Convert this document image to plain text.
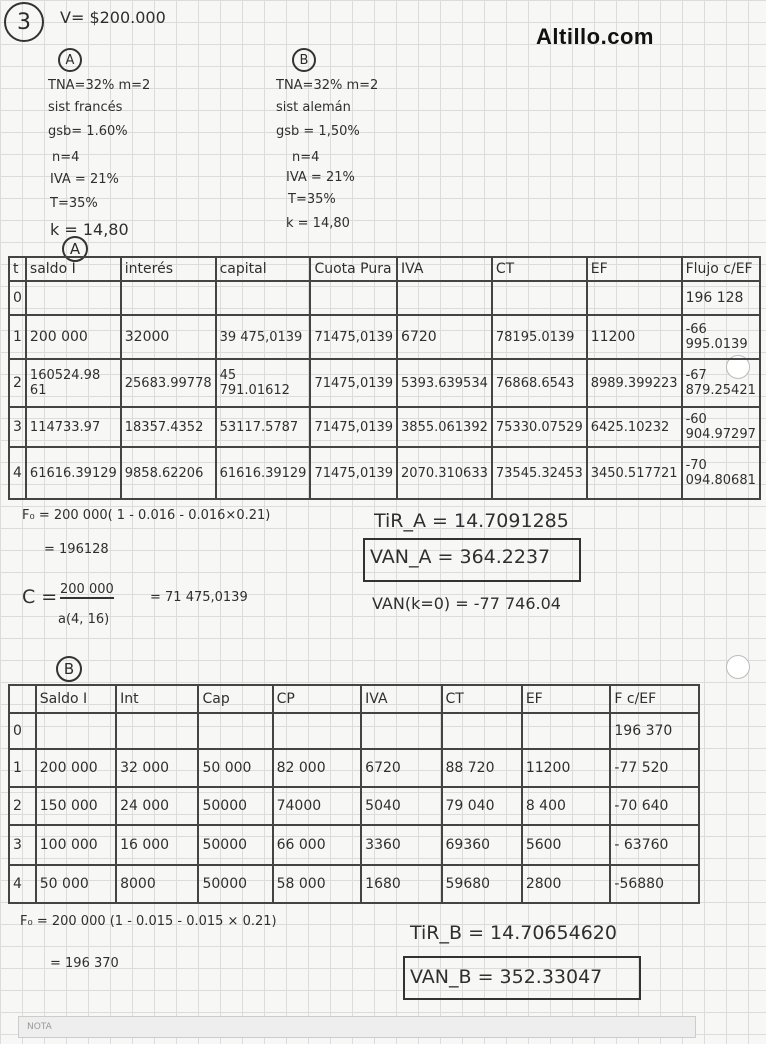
3 V= $200.000
Altillo.com
A
TNA=32% m=2
sist francés
gsb= 1.60%
n=4
IVA = 21%
T=35%
k = 14,80
B
TNA=32% m=2
sist alemán
gsb = 1,50%
n=4
IVA = 21%
T=35%
k = 14,80
A
t	saldo I	interés	capital	Cuota Pura	IVA	CT	EF	Flujo c/EF
0								196 128
1	200 000	32000	39 475,0139	71475,0139	6720	78195.0139	11200	-66 995.0139
2	160524.98 61	25683.99778	45 791.01612	71475,0139	5393.639534	76868.6543	8989.399223	-67 879.25421
3	114733.97	18357.4352	53117.5787	71475,0139	3855.061392	75330.07529	6425.10232	-60 904.97297
4	61616.39129	9858.62206	61616.39129	71475,0139	2070.310633	73545.32453	3450.517721	-70 094.80681
F₀ = 200 000( 1 - 0.016 - 0.016×0.21)
= 196128
C = 200 000
a(4, 16)
= 71 475,0139
TiR_A = 14.7091285
VAN_A = 364.2237
VAN(k=0) = -77 746.04
B
	Saldo I	Int	Cap	CP	IVA	CT	EF	F c/EF
0								196 370
1	200 000	32 000	50 000	82 000	6720	88 720	11200	-77 520
2	150 000	24 000	50000	74000	5040	79 040	8 400	-70 640
3	100 000	16 000	50000	66 000	3360	69360	5600	- 63760
4	50 000	8000	50000	58 000	1680	59680	2800	-56880
F₀ = 200 000 (1 - 0.015 - 0.015 × 0.21)
= 196 370
TiR_B = 14.70654620
VAN_B = 352.33047
NOTA
